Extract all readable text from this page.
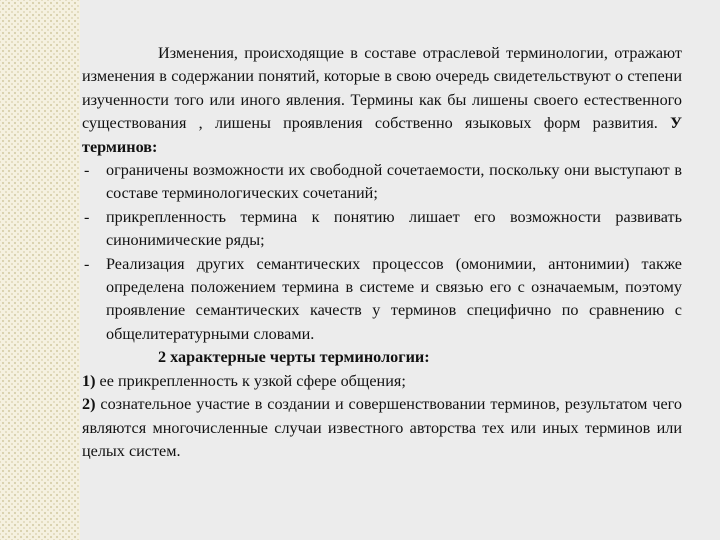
Изменения, происходящие в составе отраслевой терминологии, отражают изменения в содержании понятий, которые в свою очередь свидетельствуют о степени изученности того или иного явления. Термины как бы лишены своего естественного существования , лишены проявления собственно языковых форм развития. У терминов:

- ограничены возможности их свободной сочетаемости, поскольку они выступают в составе терминологических сочетаний;

- прикрепленность термина к понятию лишает его возможности развивать синонимические ряды;

- Реализация других семантических процессов (омонимии, антонимии) также определена положением термина в системе и связью его с означаемым, поэтому проявление семантических качеств у терминов специфично по сравнению с общелитературными словами.

2 характерные черты терминологии:

1) ее прикрепленность к узкой сфере общения;

2) сознательное участие в создании и совершенствовании терминов, результатом чего являются многочисленные случаи известного авторства тех или иных терминов или целых систем.
